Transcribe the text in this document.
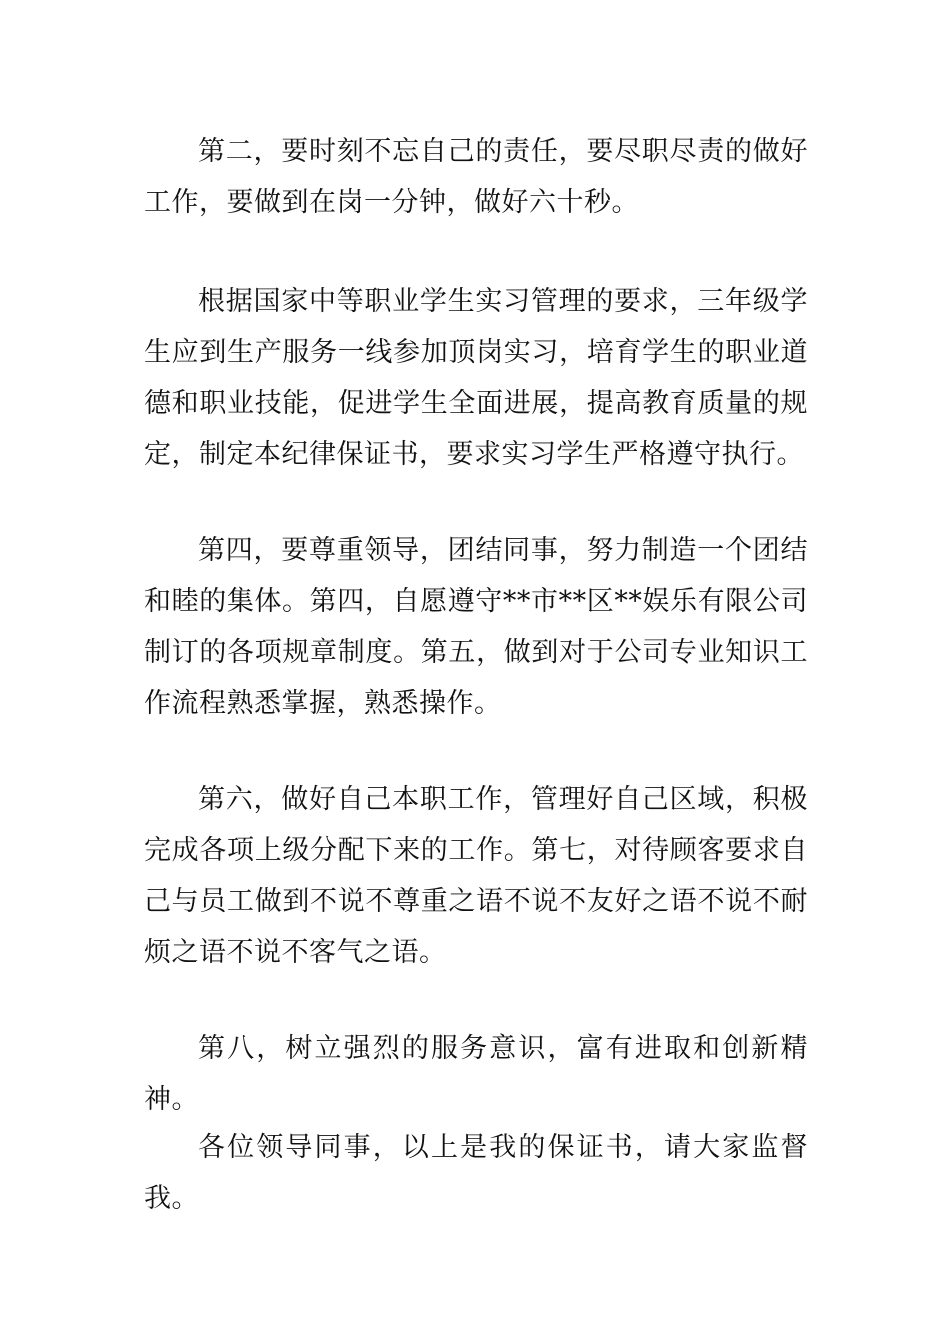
第二，要时刻不忘自己的责任，要尽职尽责的做好工作，要做到在岗一分钟，做好六十秒。

根据国家中等职业学生实习管理的要求，三年级学生应到生产服务一线参加顶岗实习，培育学生的职业道德和职业技能，促进学生全面进展，提高教育质量的规定，制定本纪律保证书，要求实习学生严格遵守执行。

第四，要尊重领导，团结同事，努力制造一个团结和睦的集体。第四，自愿遵守**市**区**娱乐有限公司制订的各项规章制度。第五，做到对于公司专业知识工作流程熟悉掌握，熟悉操作。

第六，做好自己本职工作，管理好自己区域，积极完成各项上级分配下来的工作。第七，对待顾客要求自己与员工做到不说不尊重之语不说不友好之语不说不耐烦之语不说不客气之语。

第八，树立强烈的服务意识，富有进取和创新精神。

各位领导同事，以上是我的保证书，请大家监督我。
